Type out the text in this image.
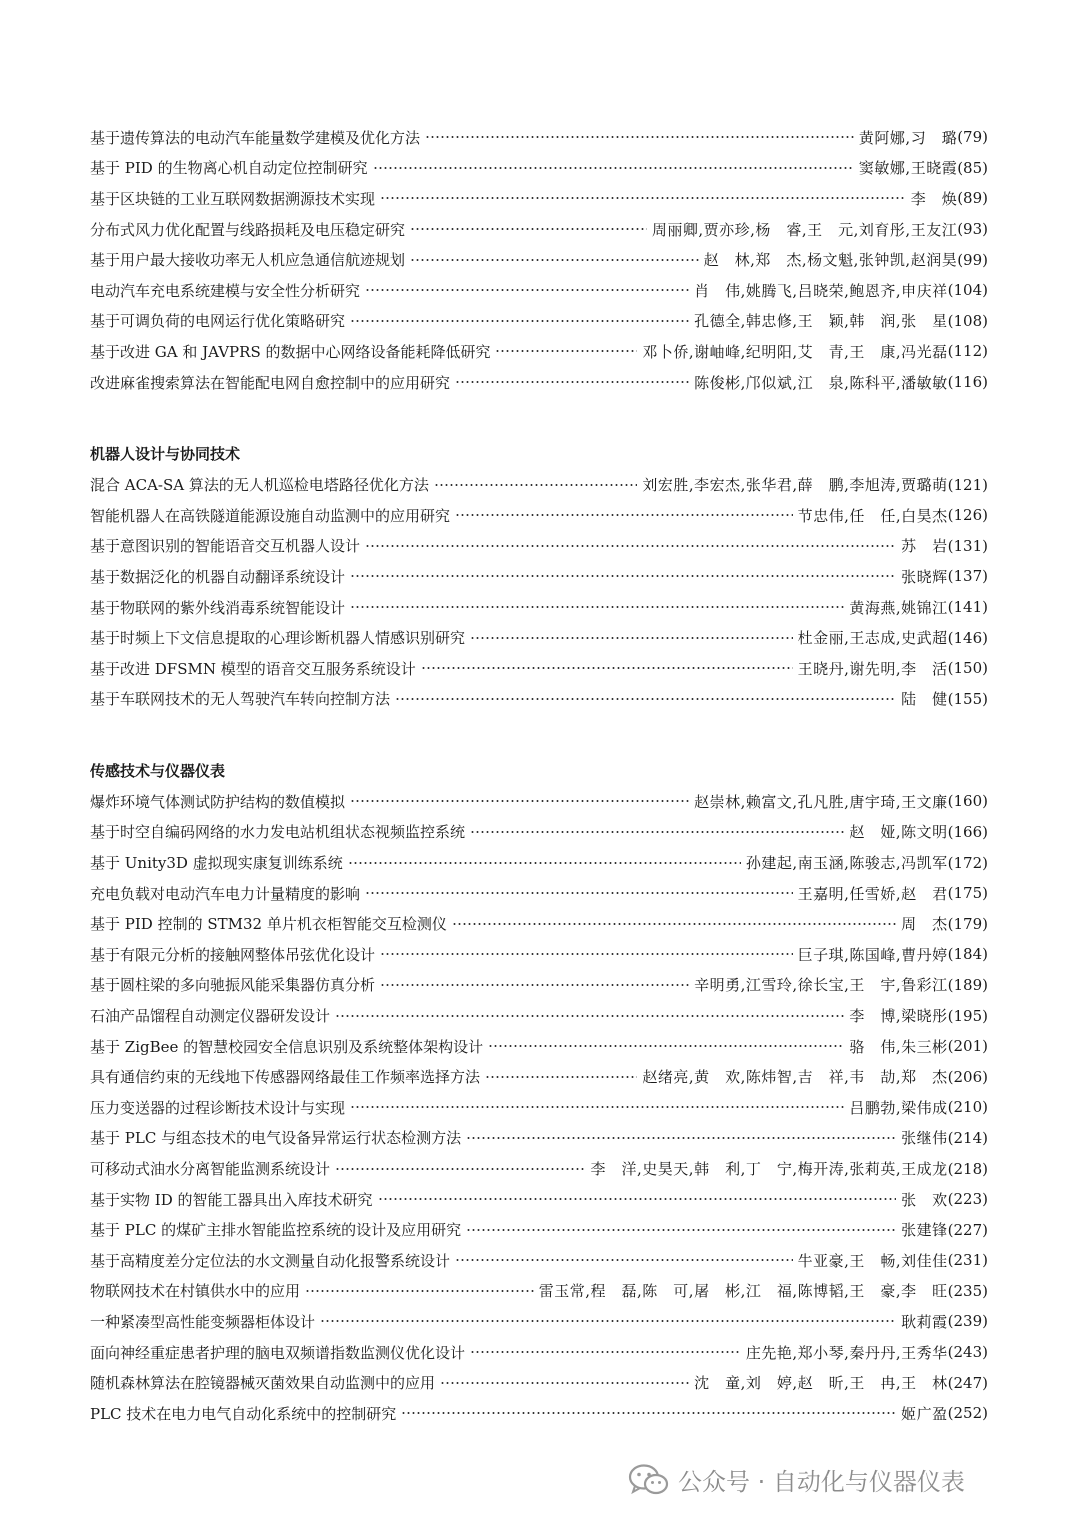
基于遗传算法的电动汽车能量数学建模及优化方法	黄阿娜,习　璐 (79)
基于 PID 的生物离心机自动定位控制研究	窦敏娜,王晓霞 (85)
基于区块链的工业互联网数据溯源技术实现	李　焕 (89)
分布式风力优化配置与线路损耗及电压稳定研究	周丽卿,贾亦珍,杨　睿,王　元,刘育彤,王友江 (93)
基于用户最大接收功率无人机应急通信航迹规划	赵　林,郑　杰,杨文魁,张钟凯,赵润昊 (99)
电动汽车充电系统建模与安全性分析研究	肖　伟,姚腾飞,吕晓荣,鲍恩齐,申庆祥 (104)
基于可调负荷的电网运行优化策略研究	孔德全,韩忠修,王　颖,韩　润,张　星 (108)
基于改进 GA 和 JAVPRS 的数据中心网络设备能耗降低研究	邓卜侨,谢岫峰,纪明阳,艾　青,王　康,冯光磊 (112)
改进麻雀搜索算法在智能配电网自愈控制中的应用研究	陈俊彬,邝似斌,江　泉,陈科平,潘敏敏 (116)
机器人设计与协同技术
混合 ACA-SA 算法的无人机巡检电塔路径优化方法	刘宏胜,李宏杰,张华君,薛　鹏,李旭涛,贾璐萌 (121)
智能机器人在高铁隧道能源设施自动监测中的应用研究	节忠伟,任　任,白昊杰 (126)
基于意图识别的智能语音交互机器人设计	苏　岩 (131)
基于数据泛化的机器自动翻译系统设计	张晓辉 (137)
基于物联网的紫外线消毒系统智能设计	黄海燕,姚锦江 (141)
基于时频上下文信息提取的心理诊断机器人情感识别研究	杜金丽,王志成,史武超 (146)
基于改进 DFSMN 模型的语音交互服务系统设计	王晓丹,谢先明,李　活 (150)
基于车联网技术的无人驾驶汽车转向控制方法	陆　健 (155)
传感技术与仪器仪表
爆炸环境气体测试防护结构的数值模拟	赵崇林,赖富文,孔凡胜,唐宇琦,王文廉 (160)
基于时空自编码网络的水力发电站机组状态视频监控系统	赵　娅,陈文明 (166)
基于 Unity3D 虚拟现实康复训练系统	孙建起,南玉涵,陈骏志,冯凯军 (172)
充电负载对电动汽车电力计量精度的影响	王嘉明,任雪娇,赵　君 (175)
基于 PID 控制的 STM32 单片机衣柜智能交互检测仪	周　杰 (179)
基于有限元分析的接触网整体吊弦优化设计	巨子琪,陈国峰,曹丹婷 (184)
基于圆柱梁的多向驰振风能采集器仿真分析	辛明勇,江雪玲,徐长宝,王　宇,鲁彩江 (189)
石油产品馏程自动测定仪器研发设计	李　博,梁晓彤 (195)
基于 ZigBee 的智慧校园安全信息识别及系统整体架构设计	骆　伟,朱三彬 (201)
具有通信约束的无线地下传感器网络最佳工作频率选择方法	赵绪亮,黄　欢,陈炜智,吉　祥,韦　劼,郑　杰 (206)
压力变送器的过程诊断技术设计与实现	吕鹏勃,梁伟成 (210)
基于 PLC 与组态技术的电气设备异常运行状态检测方法	张继伟 (214)
可移动式油水分离智能监测系统设计	李　洋,史昊天,韩　利,丁　宁,梅开涛,张莉英,王成龙 (218)
基于实物 ID 的智能工器具出入库技术研究	张　欢 (223)
基于 PLC 的煤矿主排水智能监控系统的设计及应用研究	张建锋 (227)
基于高精度差分定位法的水文测量自动化报警系统设计	牛亚豪,王　畅,刘佳佳 (231)
物联网技术在村镇供水中的应用	雷玉常,程　磊,陈　可,屠　彬,江　福,陈博韬,王　豪,李　旺 (235)
一种紧凑型高性能变频器柜体设计	耿莉霞 (239)
面向神经重症患者护理的脑电双频谱指数监测仪优化设计	庄先艳,郑小琴,秦丹丹,王秀华 (243)
随机森林算法在腔镜器械灭菌效果自动监测中的应用	沈　童,刘　婷,赵　昕,王　冉,王　林 (247)
PLC 技术在电力电气自动化系统中的控制研究	姬广盈 (252)
公众号 · 自动化与仪器仪表
